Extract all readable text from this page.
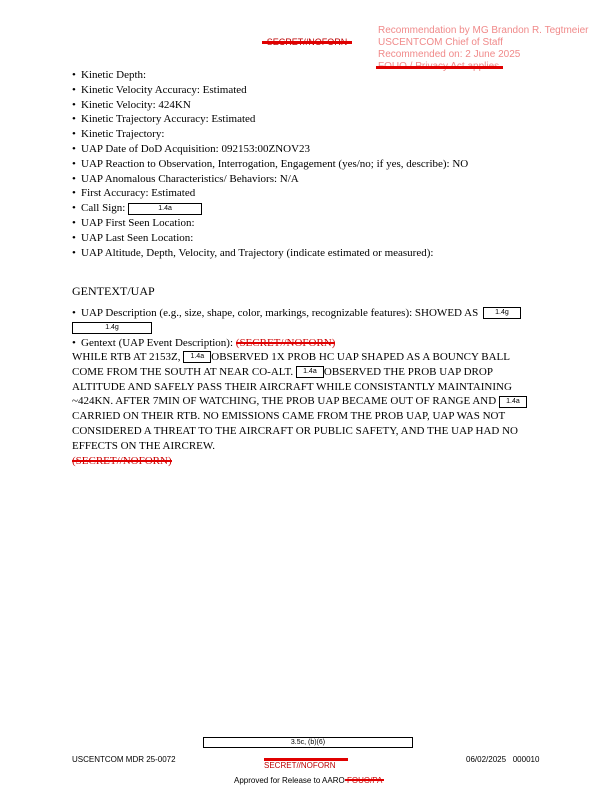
Recommendation by MG Brandon R. Tegtmeier
USCENTCOM Chief of Staff
Recommended on: 2 June 2025
• Kinetic Depth:
• Kinetic Velocity Accuracy: Estimated
• Kinetic Velocity: 424KN
• Kinetic Trajectory Accuracy: Estimated
• Kinetic Trajectory:
• UAP Date of DoD Acquisition: 092153:00ZNOV23
• UAP Reaction to Observation, Interrogation, Engagement (yes/no; if yes, describe): NO
• UAP Anomalous Characteristics/ Behaviors: N/A
• First Accuracy: Estimated
• Call Sign:	1.4a
• UAP First Seen Location:
• UAP Last Seen Location:
• UAP Altitude, Depth, Velocity, and Trajectory (indicate estimated or measured):
GENTEXT/UAP
• UAP Description (e.g., size, shape, color, markings, recognizable features): SHOWED AS 1.4g
1.4g
• Gentext (UAP Event Description):
WHILE RTB AT 2153Z, 1.4a OBSERVED 1X PROB HC UAP SHAPED AS A BOUNCY BALL
COME FROM THE SOUTH AT NEAR CO-ALT. 1.4a OBSERVED THE PROB UAP DROP
ALTITUDE AND SAFELY PASS THEIR AIRCRAFT WHILE CONSISTANTLY MAINTAINING
~424KN. AFTER 7MIN OF WATCHING, THE PROB UAP BECAME OUT OF RANGE AND 1.4a
CARRIED ON THEIR RTB. NO EMISSIONS CAME FROM THE PROB UAP, UAP WAS NOT
CONSIDERED A THREAT TO THE AIRCRAFT OR PUBLIC SAFETY, AND THE UAP HAD NO
EFFECTS ON THE AIRCREW.
3.5c, (b)(6)
USCENTCOM MDR 25-0072
SECRET//NOFORN
06/02/2025 000010
Approved for Release to AARO
